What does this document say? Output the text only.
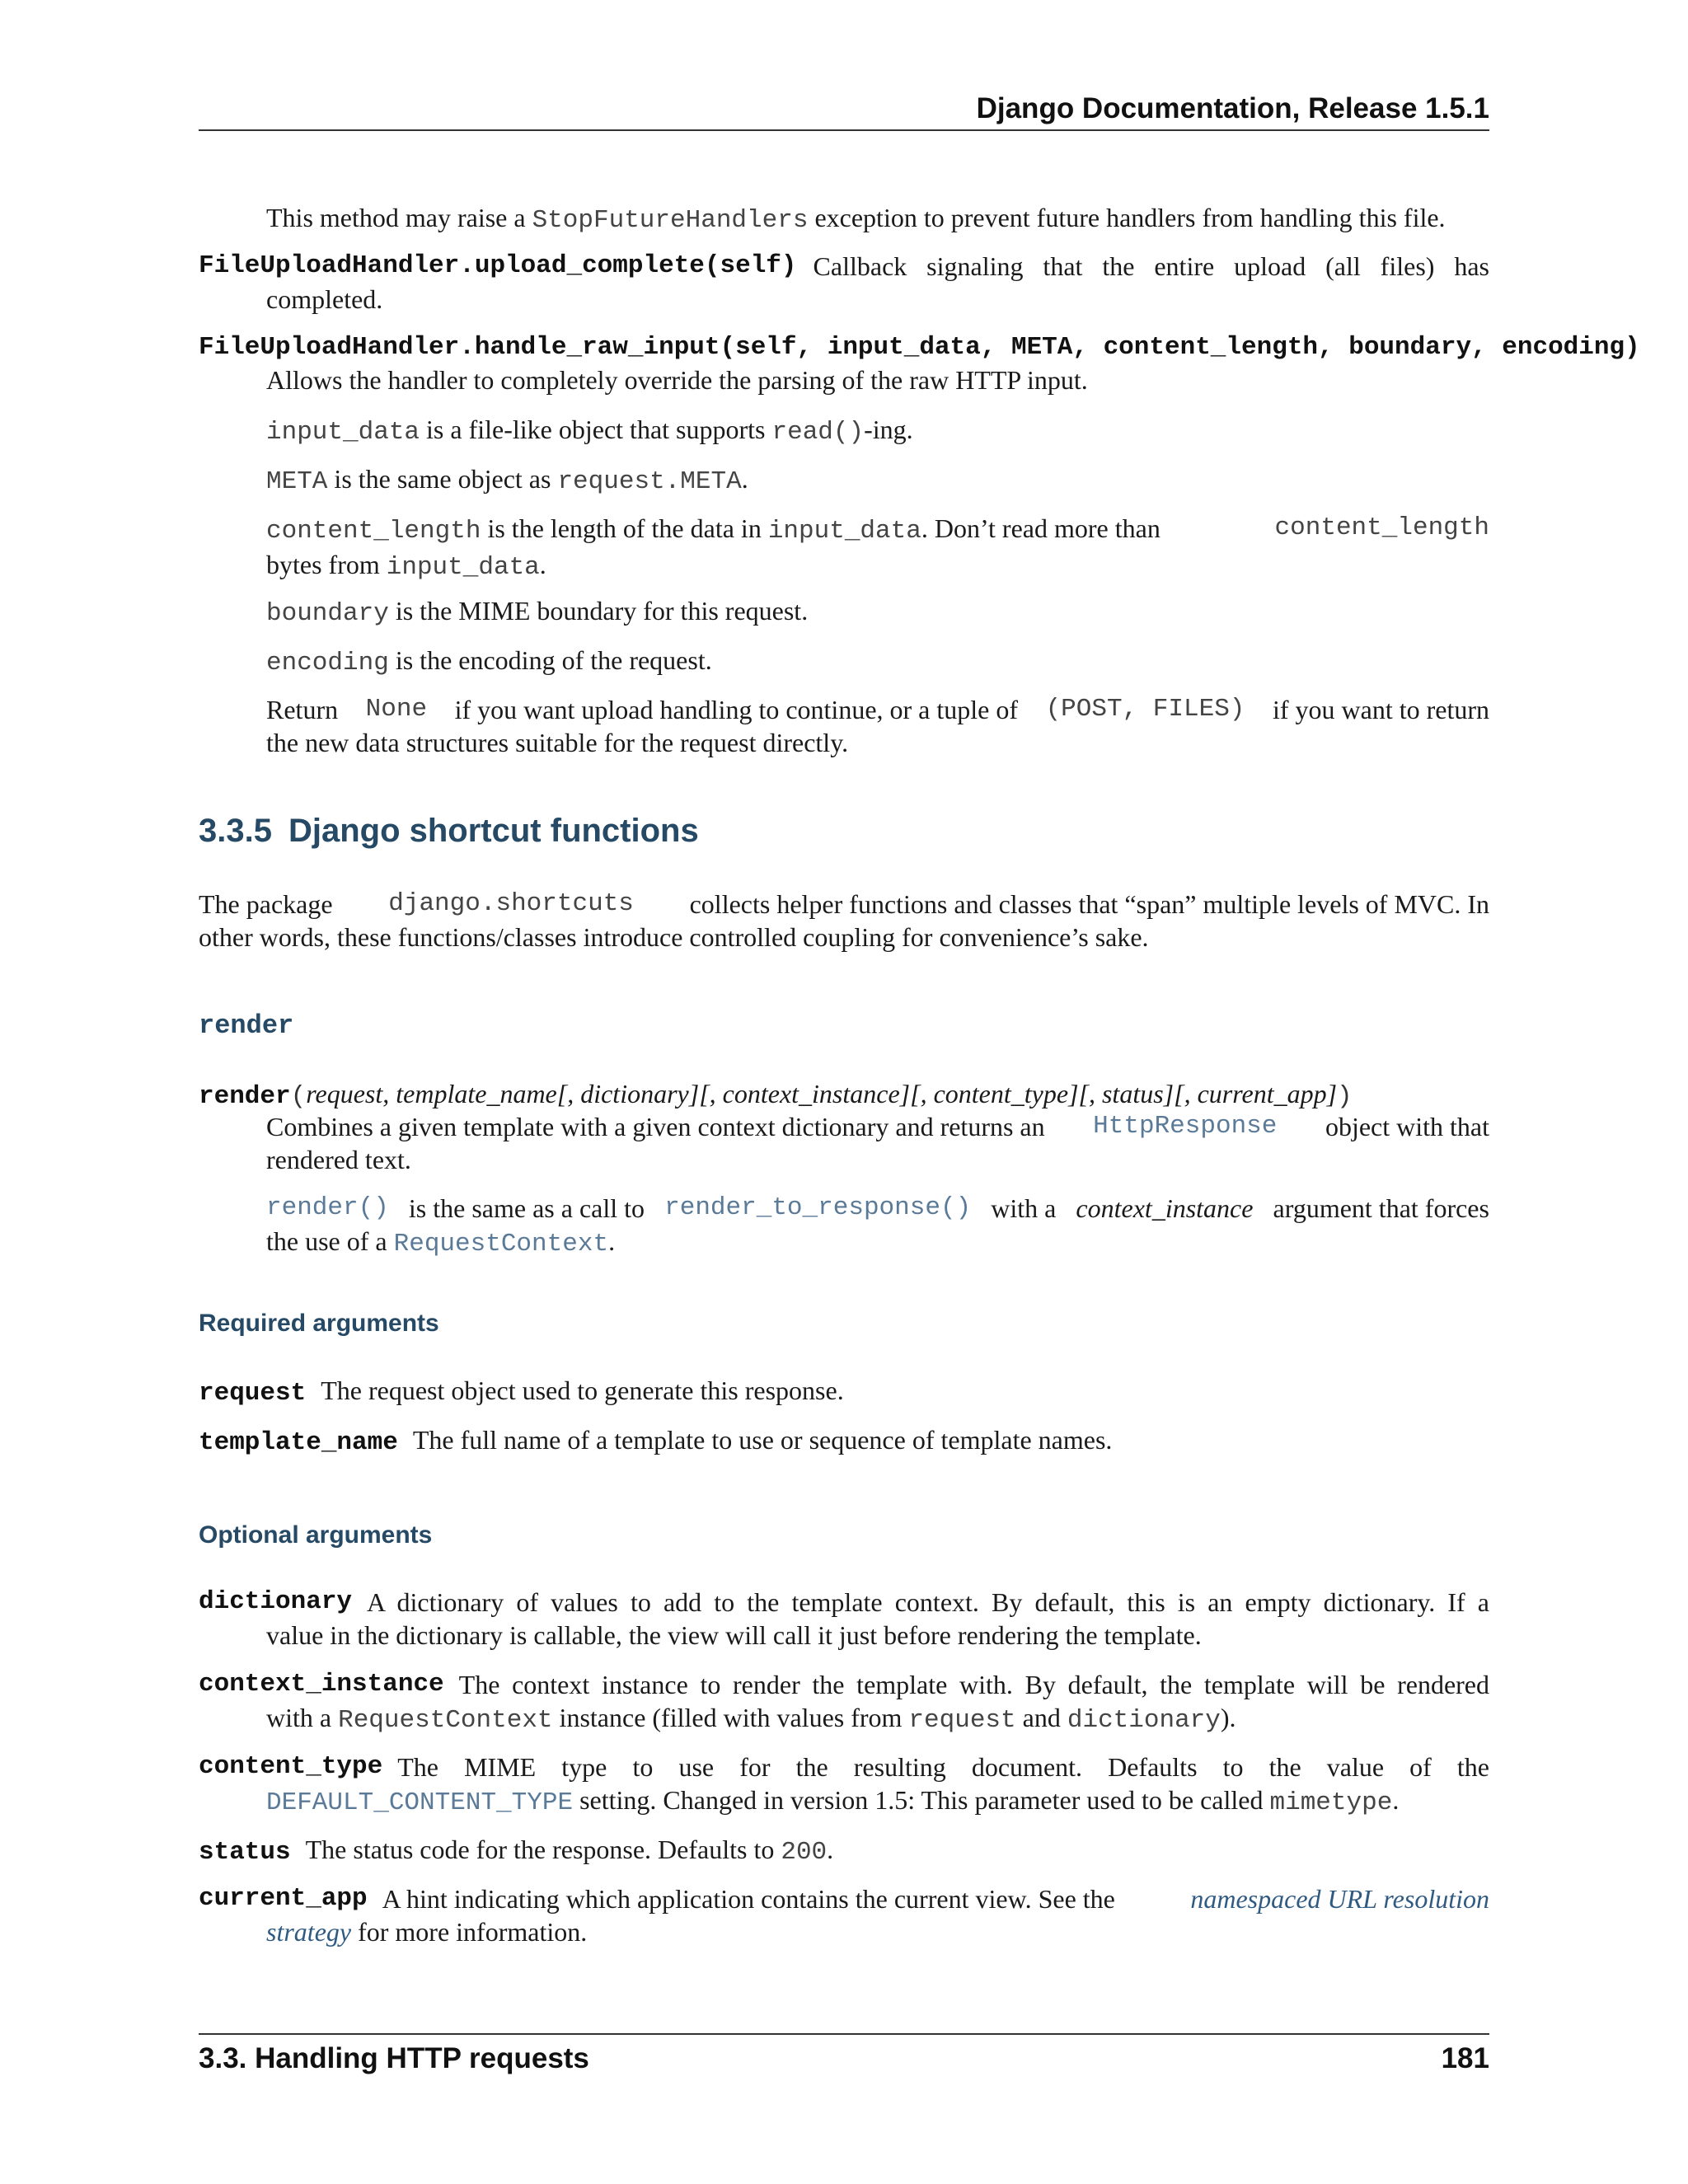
Django Documentation, Release 1.5.1
This method may raise a StopFutureHandlers exception to prevent future handlers from handling this file.
FileUploadHandler.upload_complete(self) Callback signaling that the entire upload (all files) has
completed.
FileUploadHandler.handle_raw_input(self, input_data, META, content_length, boundary, encoding)
Allows the handler to completely override the parsing of the raw HTTP input.
input_data is a file-like object that supports read()-ing.
META is the same object as request.META.
content_length is the length of the data in input_data. Don’t read more than	content_length
bytes from input_data.
boundary is the MIME boundary for this request.
encoding is the encoding of the request.
Return None if you want upload handling to continue, or a tuple of (POST, FILES) if you want to return
the new data structures suitable for the request directly.
3.3.5 Django shortcut functions
The package django.shortcuts collects helper functions and classes that “span” multiple levels of MVC. In
other words, these functions/classes introduce controlled coupling for convenience’s sake.
render
render(request, template_name[, dictionary][, context_instance][, content_type][, status][, current_app])
Combines a given template with a given context dictionary and returns an HttpResponse object with that
rendered text.
render() is the same as a call to render_to_response() with a context_instance argument that forces
the use of a RequestContext.
Required arguments
request The request object used to generate this response.
template_name The full name of a template to use or sequence of template names.
Optional arguments
dictionary A dictionary of values to add to the template context. By default, this is an empty dictionary. If a
value in the dictionary is callable, the view will call it just before rendering the template.
context_instance The context instance to render the template with. By default, the template will be rendered
with a RequestContext instance (filled with values from request and dictionary).
content_type The MIME type to use for the resulting document. Defaults to the value of the
DEFAULT_CONTENT_TYPE setting. Changed in version 1.5: This parameter used to be called mimetype.
status The status code for the response. Defaults to 200.
current_app A hint indicating which application contains the current view. See the	namespaced URL resolution
strategy for more information.
3.3. Handling HTTP requests	181
